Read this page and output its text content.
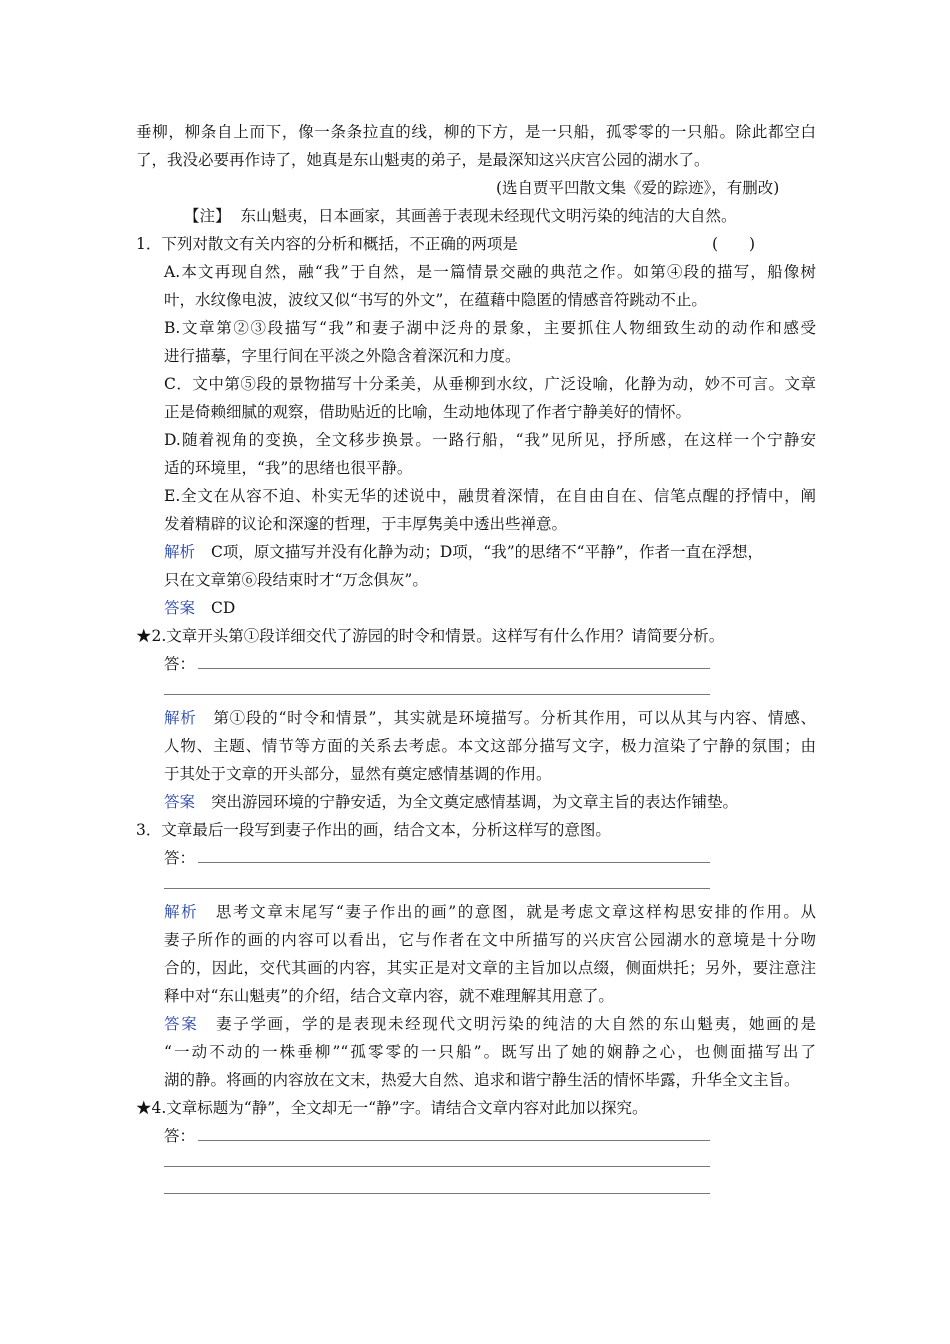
垂柳，柳条自上而下，像一条条拉直的线，柳的下方，是一只船，孤零零的一只船。除此都空白
了，我没必要再作诗了，她真是东山魁夷的弟子，是最深知这兴庆宫公园的湖水了。
(选自贾平凹散文集《爱的踪迹》，有删改)
【注】 东山魁夷，日本画家，其画善于表现未经现代文明污染的纯洁的大自然。
1．下列对散文有关内容的分析和概括，不正确的两项是	(　　)
A.本文再现自然，融“我”于自然，是一篇情景交融的典范之作。如第④段的描写，船像树
叶，水纹像电波，波纹又似“书写的外文”，在蕴藉中隐匿的情感音符跳动不止。
B.文章第②③段描写“我”和妻子湖中泛舟的景象，主要抓住人物细致生动的动作和感受
进行描摹，字里行间在平淡之外隐含着深沉和力度。
C．文中第⑤段的景物描写十分柔美，从垂柳到水纹，广泛设喻，化静为动，妙不可言。文章
正是倚赖细腻的观察，借助贴近的比喻，生动地体现了作者宁静美好的情怀。
D.随着视角的变换，全文移步换景。一路行船，“我”见所见，抒所感，在这样一个宁静安
适的环境里，“我”的思绪也很平静。
E.全文在从容不迫、朴实无华的述说中，融贯着深情，在自由自在、信笔点醒的抒情中，阐
发着精辟的议论和深邃的哲理，于丰厚隽美中透出些禅意。
解析 C项，原文描写并没有化静为动；D项，“我”的思绪不“平静”，作者一直在浮想，
只在文章第⑥段结束时才“万念俱灰”。
答案 CD
★2.文章开头第①段详细交代了游园的时令和情景。这样写有什么作用？请简要分析。
答：
解析 第①段的“时令和情景”，其实就是环境描写。分析其作用，可以从其与内容、情感、
人物、主题、情节等方面的关系去考虑。本文这部分描写文字，极力渲染了宁静的氛围；由
于其处于文章的开头部分，显然有奠定感情基调的作用。
答案 突出游园环境的宁静安适，为全文奠定感情基调，为文章主旨的表达作铺垫。
3．文章最后一段写到妻子作出的画，结合文本，分析这样写的意图。
答：
解析 思考文章末尾写“妻子作出的画”的意图，就是考虑文章这样构思安排的作用。从
妻子所作的画的内容可以看出，它与作者在文中所描写的兴庆宫公园湖水的意境是十分吻
合的，因此，交代其画的内容，其实正是对文章的主旨加以点缀，侧面烘托；另外，要注意注
释中对“东山魁夷”的介绍，结合文章内容，就不难理解其用意了。
答案 妻子学画，学的是表现未经现代文明污染的纯洁的大自然的东山魁夷，她画的是
“一动不动的一株垂柳”“孤零零的一只船”。既写出了她的娴静之心，也侧面描写出了
湖的静。将画的内容放在文末，热爱大自然、追求和谐宁静生活的情怀毕露，升华全文主旨。
★4.文章标题为“静”，全文却无一“静”字。请结合文章内容对此加以探究。
答：
